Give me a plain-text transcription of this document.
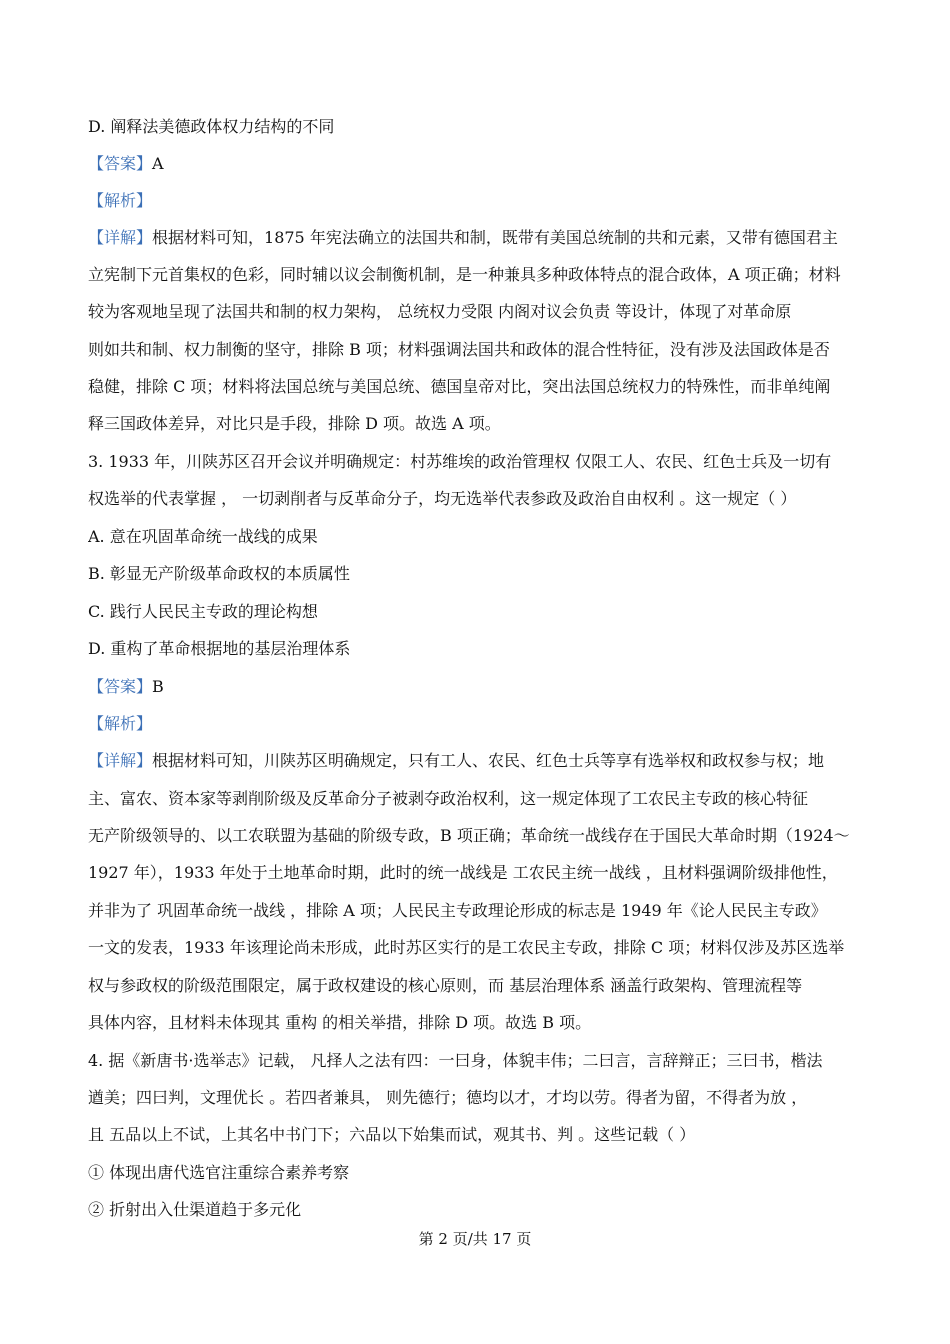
D. 阐释法美德政体权力结构的不同
【答案】A
【解析】
【详解】根据材料可知，1875 年宪法确立的法国共和制，既带有美国总统制的共和元素，又带有德国君主
立宪制下元首集权的色彩，同时辅以议会制衡机制，是一种兼具多种政体特点的混合政体，A 项正确；材料
较为客观地呈现了法国共和制的权力架构， 总统权力受限 内阁对议会负责 等设计，体现了对革命原
则如共和制、权力制衡的坚守，排除 B 项；材料强调法国共和政体的混合性特征，没有涉及法国政体是否
稳健，排除 C 项；材料将法国总统与美国总统、德国皇帝对比，突出法国总统权力的特殊性，而非单纯阐
释三国政体差异，对比只是手段，排除 D 项。故选 A 项。
3. 1933 年，川陕苏区召开会议并明确规定：村苏维埃的政治管理权 仅限工人、农民、红色士兵及一切有
权选举的代表掌握 ， 一切剥削者与反革命分子，均无选举代表参政及政治自由权利 。这一规定（ ）
A. 意在巩固革命统一战线的成果
B. 彰显无产阶级革命政权的本质属性
C. 践行人民民主专政的理论构想
D. 重构了革命根据地的基层治理体系
【答案】B
【解析】
【详解】根据材料可知，川陕苏区明确规定，只有工人、农民、红色士兵等享有选举权和政权参与权；地
主、富农、资本家等剥削阶级及反革命分子被剥夺政治权利，这一规定体现了工农民主专政的核心特征
无产阶级领导的、以工农联盟为基础的阶级专政，B 项正确；革命统一战线存在于国民大革命时期（1924～
1927 年），1933 年处于土地革命时期，此时的统一战线是 工农民主统一战线 ，且材料强调阶级排他性，
并非为了 巩固革命统一战线 ，排除 A 项；人民民主专政理论形成的标志是 1949 年《论人民民主专政》
一文的发表，1933 年该理论尚未形成，此时苏区实行的是工农民主专政，排除 C 项；材料仅涉及苏区选举
权与参政权的阶级范围限定，属于政权建设的核心原则，而 基层治理体系 涵盖行政架构、管理流程等
具体内容，且材料未体现其 重构 的相关举措，排除 D 项。故选 B 项。
4. 据《新唐书·选举志》记载， 凡择人之法有四：一曰身，体貌丰伟；二曰言，言辞辩正；三曰书，楷法
遒美；四曰判，文理优长 。若四者兼具， 则先德行；德均以才，才均以劳。得者为留，不得者为放 ，
且 五品以上不试，上其名中书门下；六品以下始集而试，观其书、判 。这些记载（ ）
① 体现出唐代选官注重综合素养考察
② 折射出入仕渠道趋于多元化
第 2 页/共 17 页
